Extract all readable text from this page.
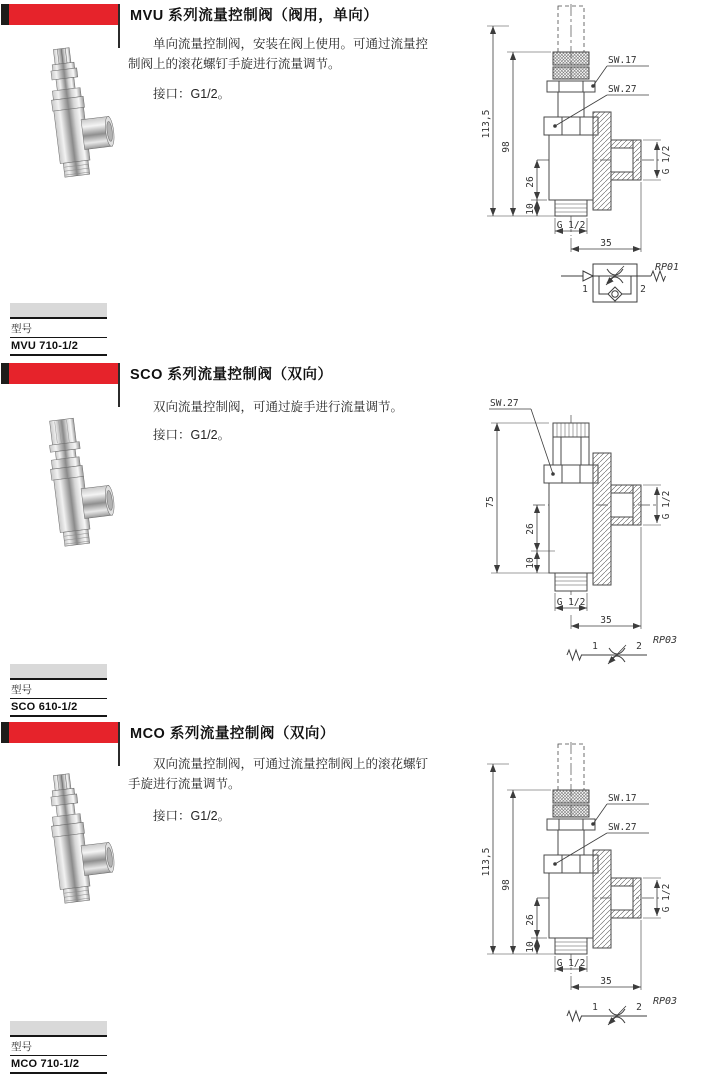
MVU 系列流量控制阀（阀用，单向）

单向流量控制阀，安装在阀上使用。可通过流量控制阀上的滚花螺钉手旋进行流量调节。

接口：G1/2。

113,5
98
26
10
G 1/2
35
G 1/2
SW.17
SW.27
1	2
RP01
型号
MVU 710-1/2
SCO 系列流量控制阀（双向）

双向流量控制阀，可通过旋手进行流量调节。

接口：G1/2。

75
26
10
G 1/2
35
G 1/2
SW.27
1	2
RP03
型号
SCO 610-1/2
MCO 系列流量控制阀（双向）

双向流量控制阀，可通过流量控制阀上的滚花螺钉手旋进行流量调节。

接口：G1/2。

113,5
98
26
10
G 1/2
35
G 1/2
SW.17
SW.27
1	2
RP03
型号
MCO 710-1/2
